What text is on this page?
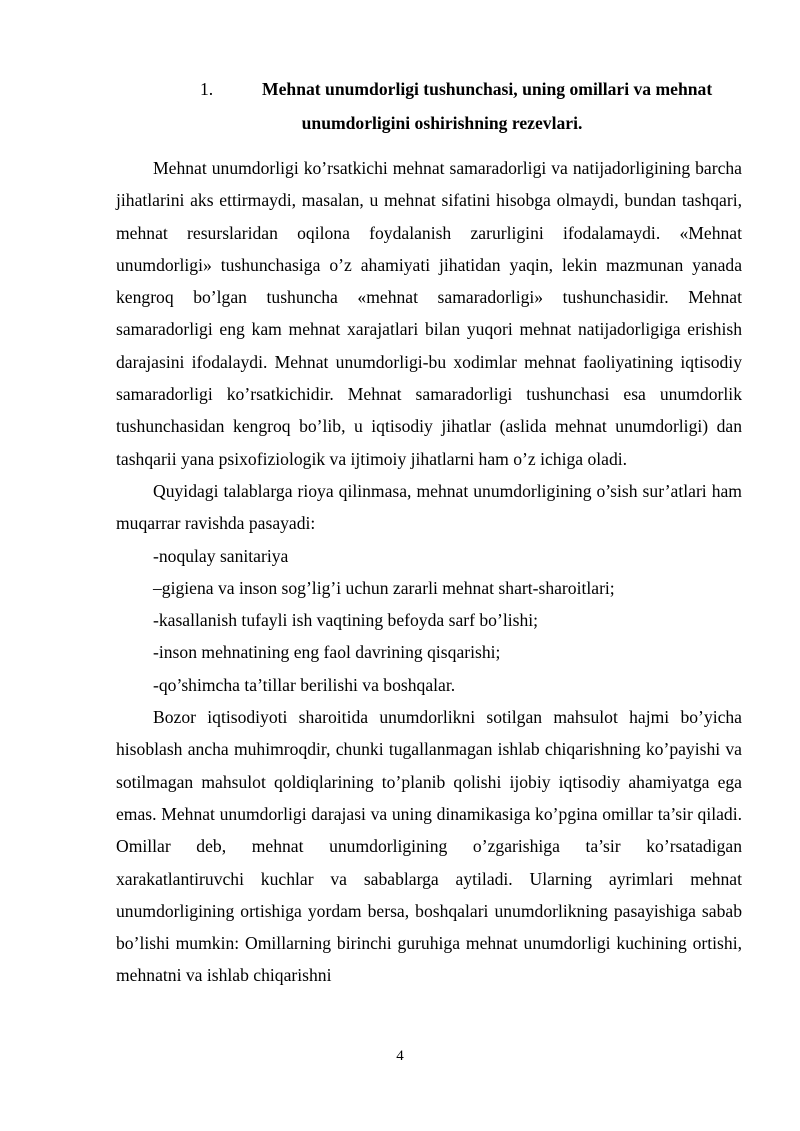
1.	Mehnat unumdorligi tushunchasi, uning omillari va mehnat
unumdorligini oshirishning rezevlari.

Mehnat unumdorligi ko’rsatkichi mehnat samaradorligi va natijadorligining barcha jihatlarini aks ettirmaydi, masalan, u mehnat sifatini hisobga olmaydi, bundan tashqari, mehnat resurslaridan oqilona foydalanish zarurligini ifodalamaydi. «Mehnat unumdorligi» tushunchasiga o’z ahamiyati jihatidan yaqin, lekin mazmunan yanada kengroq bo’lgan tushuncha «mehnat samaradorligi» tushunchasidir. Mehnat samaradorligi eng kam mehnat xarajatlari bilan yuqori mehnat natijadorligiga erishish darajasini ifodalaydi. Mehnat unumdorligi-bu xodimlar mehnat faoliyatining iqtisodiy samaradorligi ko’rsatkichidir. Mehnat samaradorligi tushunchasi esa unumdorlik tushunchasidan kengroq bo’lib, u iqtisodiy jihatlar (aslida mehnat unumdorligi) dan tashqarii yana psixofiziologik va ijtimoiy jihatlarni ham o’z ichiga oladi.

Quyidagi talablarga rioya qilinmasa, mehnat unumdorligining o’sish sur’atlari ham muqarrar ravishda pasayadi:

-noqulay sanitariya

–gigiena va inson sog’lig’i uchun zararli mehnat shart-sharoitlari;

-kasallanish tufayli ish vaqtining befoyda sarf bo’lishi;

-inson mehnatining eng faol davrining qisqarishi;

-qo’shimcha ta’tillar berilishi va boshqalar.

Bozor iqtisodiyoti sharoitida unumdorlikni sotilgan mahsulot hajmi bo’yicha hisoblash ancha muhimroqdir, chunki tugallanmagan ishlab chiqarishning ko’payishi va sotilmagan mahsulot qoldiqlarining to’planib qolishi ijobiy iqtisodiy ahamiyatga ega emas. Mehnat unumdorligi darajasi va uning dinamikasiga ko’pgina omillar ta’sir qiladi. Omillar deb, mehnat unumdorligining o’zgarishiga ta’sir ko’rsatadigan xarakatlantiruvchi kuchlar va sabablarga aytiladi. Ularning ayrimlari mehnat unumdorligining ortishiga yordam bersa, boshqalari unumdorlikning pasayishiga sabab bo’lishi mumkin: Omillarning birinchi guruhiga mehnat unumdorligi kuchining ortishi, mehnatni va ishlab chiqarishni

4
